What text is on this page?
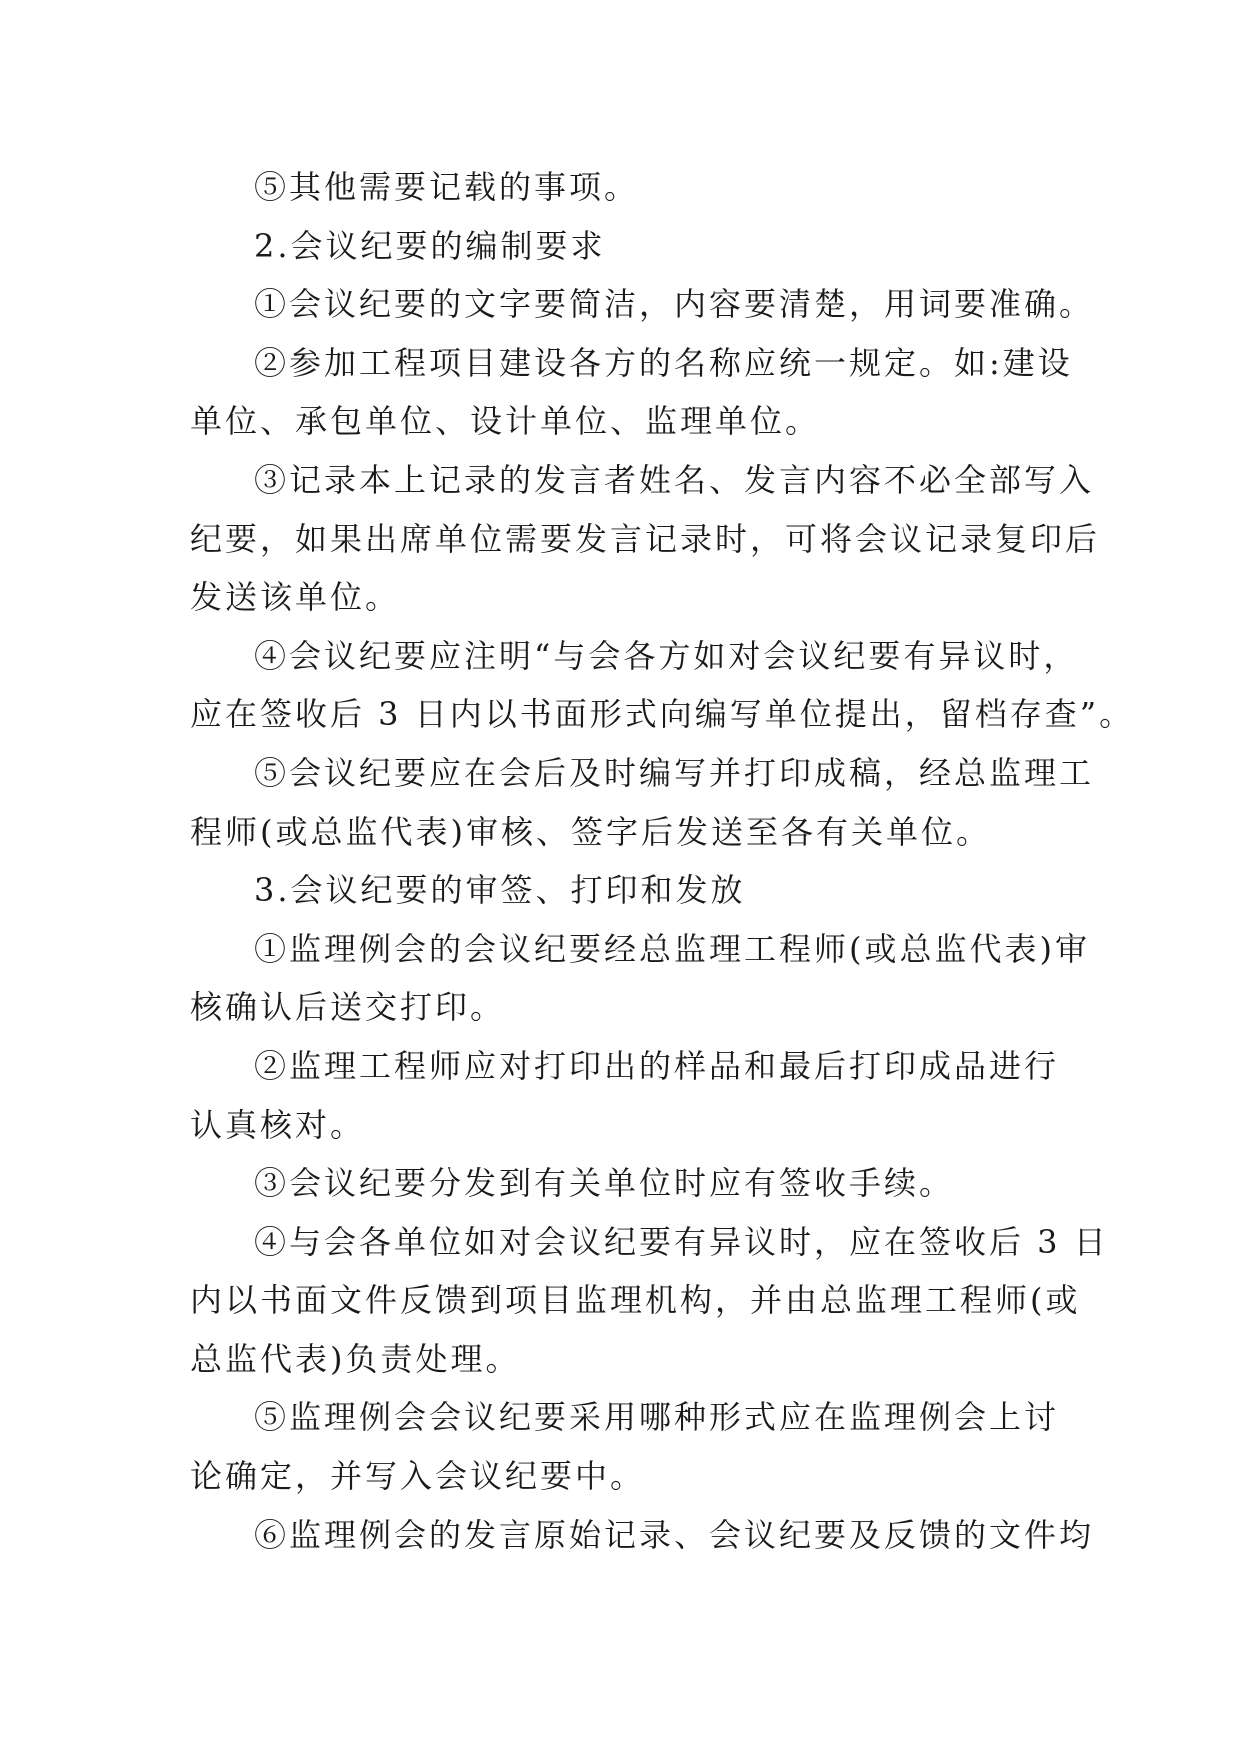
⑤其他需要记载的事项。
2.会议纪要的编制要求
①会议纪要的文字要简洁，内容要清楚，用词要准确。
②参加工程项目建设各方的名称应统一规定。如:建设
单位、承包单位、设计单位、监理单位。
③记录本上记录的发言者姓名、发言内容不必全部写入
纪要，如果出席单位需要发言记录时，可将会议记录复印后
发送该单位。
④会议纪要应注明“与会各方如对会议纪要有异议时，
应在签收后 3 日内以书面形式向编写单位提出，留档存查”。
⑤会议纪要应在会后及时编写并打印成稿，经总监理工
程师(或总监代表)审核、签字后发送至各有关单位。
3.会议纪要的审签、打印和发放
①监理例会的会议纪要经总监理工程师(或总监代表)审
核确认后送交打印。
②监理工程师应对打印出的样品和最后打印成品进行
认真核对。
③会议纪要分发到有关单位时应有签收手续。
④与会各单位如对会议纪要有异议时，应在签收后 3 日
内以书面文件反馈到项目监理机构，并由总监理工程师(或
总监代表)负责处理。
⑤监理例会会议纪要采用哪种形式应在监理例会上讨
论确定，并写入会议纪要中。
⑥监理例会的发言原始记录、会议纪要及反馈的文件均
